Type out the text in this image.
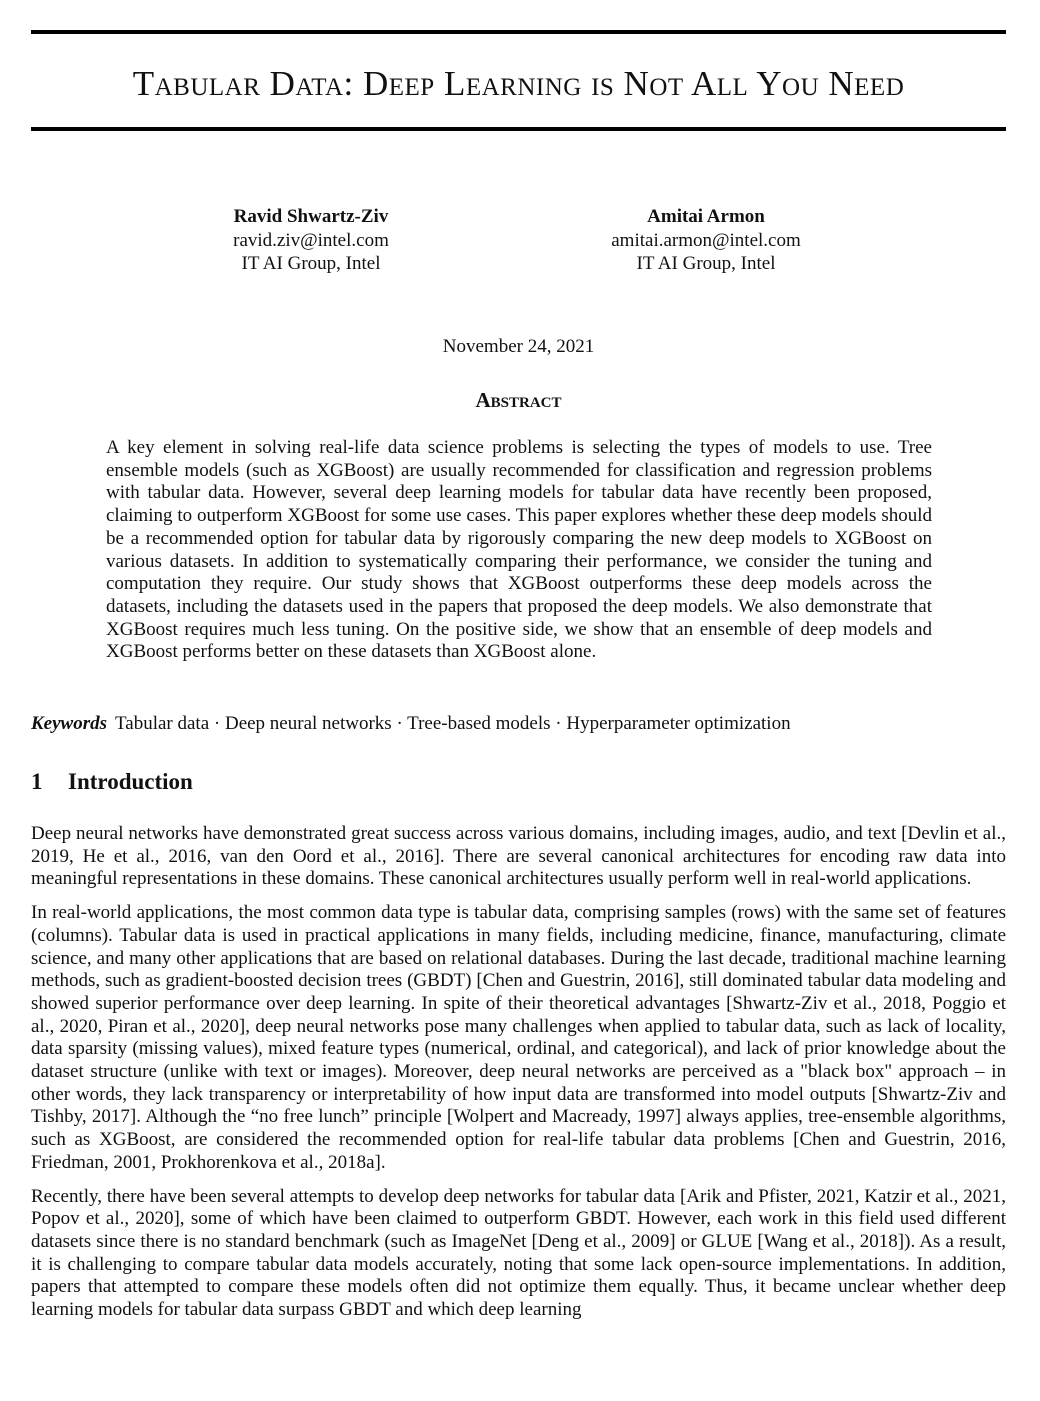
Tabular Data: Deep Learning is Not All You Need
Ravid Shwartz-Ziv
ravid.ziv@intel.com
IT AI Group, Intel
Amitai Armon
amitai.armon@intel.com
IT AI Group, Intel
November 24, 2021
Abstract
A key element in solving real-life data science problems is selecting the types of models to use. Tree ensemble models (such as XGBoost) are usually recommended for classification and regression problems with tabular data. However, several deep learning models for tabular data have recently been proposed, claiming to outperform XGBoost for some use cases. This paper explores whether these deep models should be a recommended option for tabular data by rigorously comparing the new deep models to XGBoost on various datasets. In addition to systematically comparing their performance, we consider the tuning and computation they require. Our study shows that XGBoost outperforms these deep models across the datasets, including the datasets used in the papers that proposed the deep models. We also demonstrate that XGBoost requires much less tuning. On the positive side, we show that an ensemble of deep models and XGBoost performs better on these datasets than XGBoost alone.
Keywords Tabular data · Deep neural networks · Tree-based models · Hyperparameter optimization
1 Introduction

Deep neural networks have demonstrated great success across various domains, including images, audio, and text [Devlin et al., 2019, He et al., 2016, van den Oord et al., 2016]. There are several canonical architectures for encoding raw data into meaningful representations in these domains. These canonical architectures usually perform well in real-world applications.

In real-world applications, the most common data type is tabular data, comprising samples (rows) with the same set of features (columns). Tabular data is used in practical applications in many fields, including medicine, finance, manufacturing, climate science, and many other applications that are based on relational databases. During the last decade, traditional machine learning methods, such as gradient-boosted decision trees (GBDT) [Chen and Guestrin, 2016], still dominated tabular data modeling and showed superior performance over deep learning. In spite of their theoretical advantages [Shwartz-Ziv et al., 2018, Poggio et al., 2020, Piran et al., 2020], deep neural networks pose many challenges when applied to tabular data, such as lack of locality, data sparsity (missing values), mixed feature types (numerical, ordinal, and categorical), and lack of prior knowledge about the dataset structure (unlike with text or images). Moreover, deep neural networks are perceived as a "black box" approach – in other words, they lack transparency or interpretability of how input data are transformed into model outputs [Shwartz-Ziv and Tishby, 2017]. Although the “no free lunch” principle [Wolpert and Macready, 1997] always applies, tree-ensemble algorithms, such as XGBoost, are considered the recommended option for real-life tabular data problems [Chen and Guestrin, 2016, Friedman, 2001, Prokhorenkova et al., 2018a].

Recently, there have been several attempts to develop deep networks for tabular data [Arik and Pfister, 2021, Katzir et al., 2021, Popov et al., 2020], some of which have been claimed to outperform GBDT. However, each work in this field used different datasets since there is no standard benchmark (such as ImageNet [Deng et al., 2009] or GLUE [Wang et al., 2018]). As a result, it is challenging to compare tabular data models accurately, noting that some lack open-source implementations. In addition, papers that attempted to compare these models often did not optimize them equally. Thus, it became unclear whether deep learning models for tabular data surpass GBDT and which deep learning
